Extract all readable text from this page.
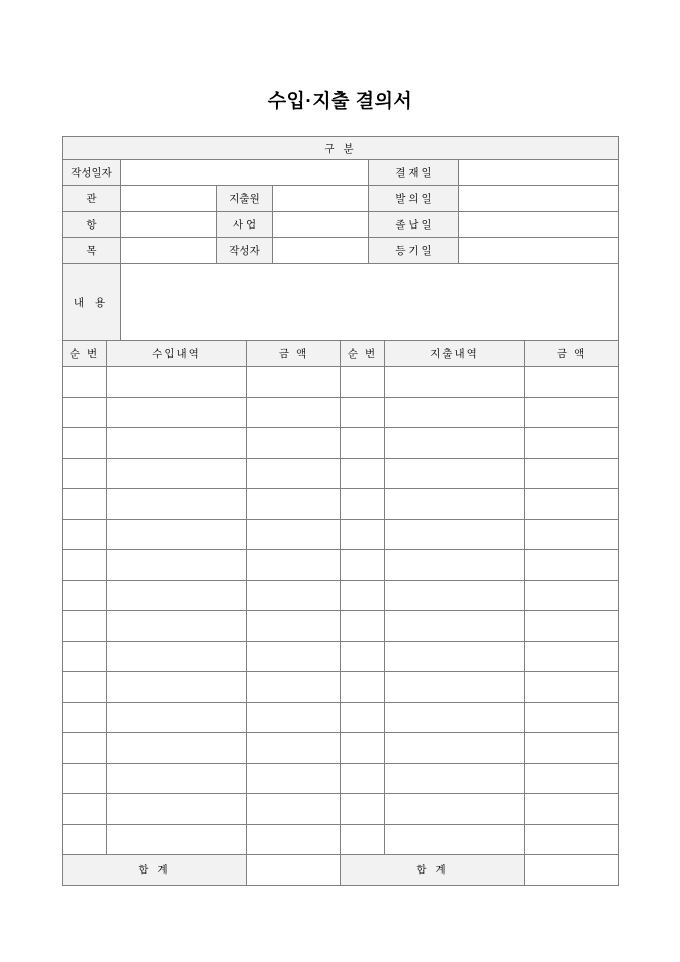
수입·지출 결의서
구 분					
작성일자				결 재 일	
관		지출원		발 의 일	
항		사 업		졸 납 일	
목		작성자		등 기 일	
내 용					
순 번	수입내역	금 액	순 번	지출내역	금 액

합 계			합 계		
